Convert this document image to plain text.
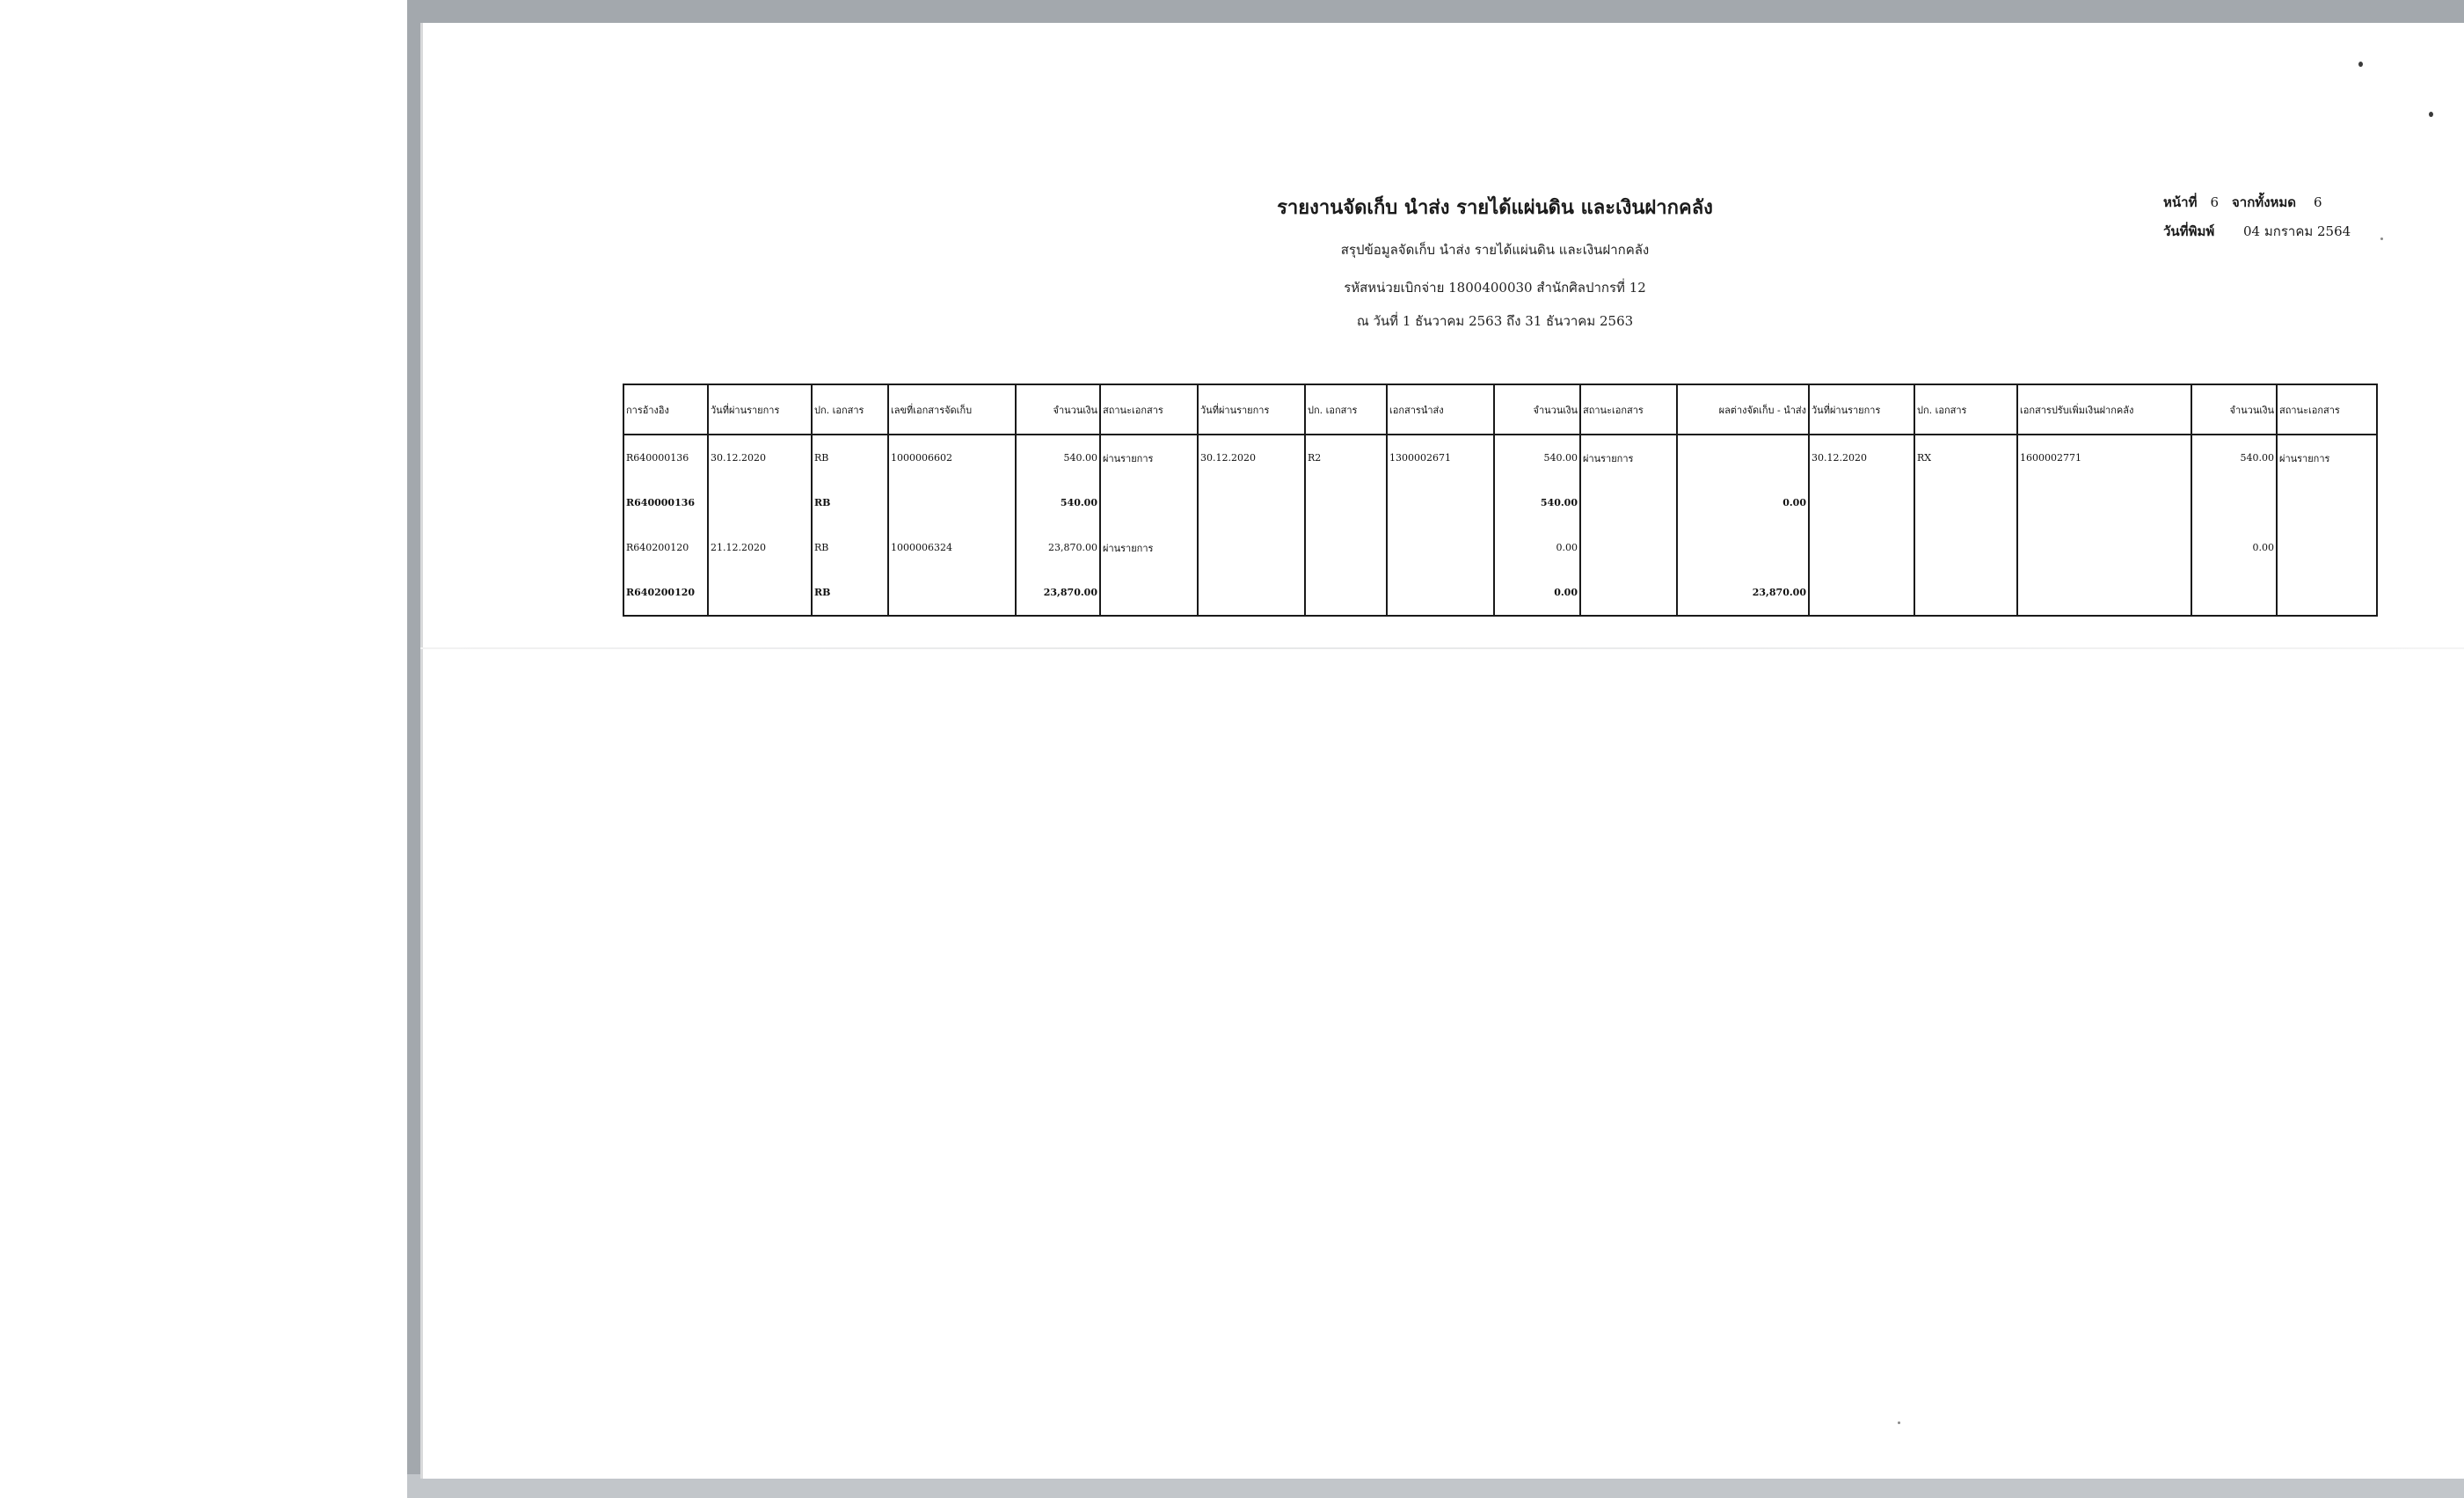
รายงานจัดเก็บ นำส่ง รายได้แผ่นดิน และเงินฝากคลัง
สรุปข้อมูลจัดเก็บ นำส่ง รายได้แผ่นดิน และเงินฝากคลัง
รหัสหน่วยเบิกจ่าย 1800400030 สำนักศิลปากรที่ 12
ณ วันที่ 1 ธันวาคม 2563 ถึง 31 ธันวาคม 2563
หน้าที่ 6 จากทั้งหมด 6
วันที่พิมพ์ 04 มกราคม 2564
การอ้างอิง	วันที่ผ่านรายการ	ปก. เอกสาร	เลขที่เอกสารจัดเก็บ	จำนวนเงิน	สถานะเอกสาร	วันที่ผ่านรายการ	ปก. เอกสาร	เอกสารนำส่ง	จำนวนเงิน	สถานะเอกสาร	ผลต่างจัดเก็บ - นำส่ง	วันที่ผ่านรายการ	ปก. เอกสาร	เอกสารปรับเพิ่มเงินฝากคลัง	จำนวนเงิน	สถานะเอกสาร
R640000136	30.12.2020	RB	1000006602	540.00	ผ่านรายการ	30.12.2020	R2	1300002671	540.00	ผ่านรายการ		30.12.2020	RX	1600002771	540.00	ผ่านรายการ
R640000136		RB		540.00					540.00		0.00					
R640200120	21.12.2020	RB	1000006324	23,870.00	ผ่านรายการ				0.00						0.00	
R640200120		RB		23,870.00					0.00		23,870.00					
